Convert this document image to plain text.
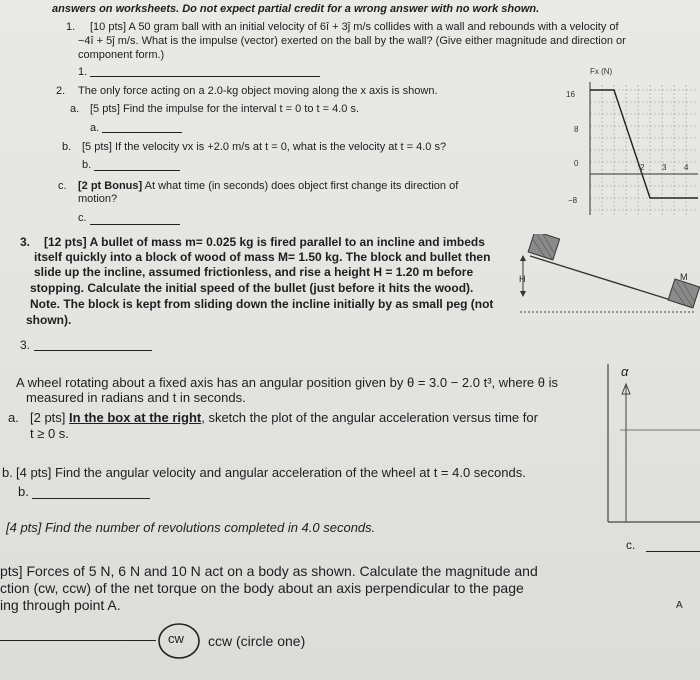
answers on worksheets. Do not expect partial credit for a wrong answer with no work shown.
1. [10 pts] A 50 gram ball with an initial velocity of 6î + 3ĵ m/s collides with a wall and rebounds with a velocity of
−4î + 5ĵ m/s. What is the impulse (vector) exerted on the ball by the wall? (Give either magnitude and direction or
component form.)
1.
2. The only force acting on a 2.0-kg object moving along the x axis is shown.
a. [5 pts] Find the impulse for the interval t = 0 to t = 4.0 s.
a.
b. [5 pts] If the velocity vx is +2.0 m/s at t = 0, what is the velocity at t = 4.0 s?
b.
c. [2 pt Bonus] At what time (in seconds) does object first change its direction of
motion?
c.
Fx (N)
16
8
0
−8
2 3 4
3. [12 pts] A bullet of mass m= 0.025 kg is fired parallel to an incline and imbeds
itself quickly into a block of wood of mass M= 1.50 kg. The block and bullet then
slide up the incline, assumed frictionless, and rise a height H = 1.20 m before
stopping. Calculate the initial speed of the bullet (just before it hits the wood).
Note. The block is kept from sliding down the incline initially by as small peg (not
shown).
3.
H	M
A wheel rotating about a fixed axis has an angular position given by θ = 3.0 − 2.0 t³, where θ is
measured in radians and t in seconds.
a. [2 pts] In the box at the right, sketch the plot of the angular acceleration versus time for
t ≥ 0 s.
b. [4 pts] Find the angular velocity and angular acceleration of the wheel at t = 4.0 seconds.
b.
[4 pts] Find the number of revolutions completed in 4.0 seconds.
c.
α
pts] Forces of 5 N, 6 N and 10 N act on a body as shown. Calculate the magnitude and
ction (cw, ccw) of the net torque on the body about an axis perpendicular to the page
ing through point A.	A
cw ccw (circle one)
